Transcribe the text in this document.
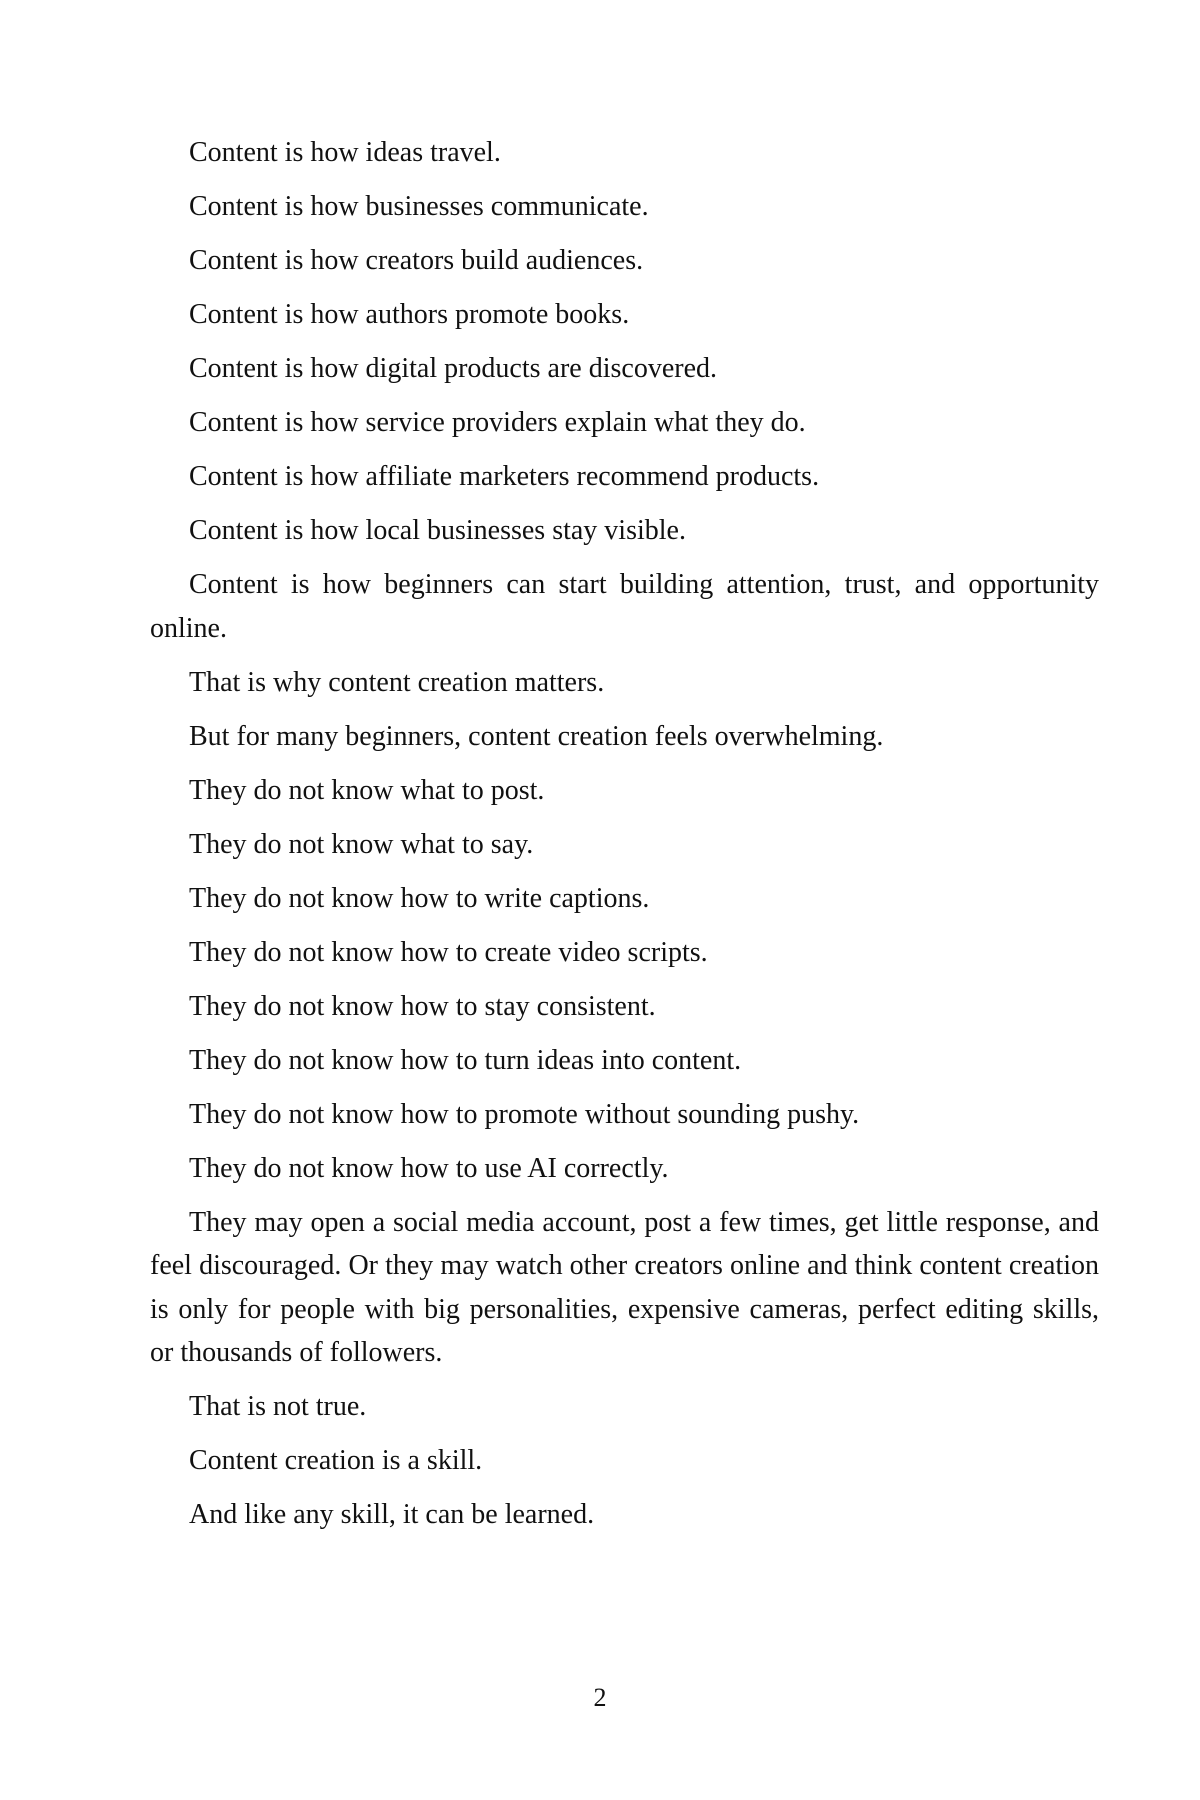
Content is how ideas travel.

Content is how businesses communicate.

Content is how creators build audiences.

Content is how authors promote books.

Content is how digital products are discovered.

Content is how service providers explain what they do.

Content is how affiliate marketers recommend products.

Content is how local businesses stay visible.

Content is how beginners can start building attention, trust, and opportunity online.

That is why content creation matters.

But for many beginners, content creation feels overwhelming.

They do not know what to post.

They do not know what to say.

They do not know how to write captions.

They do not know how to create video scripts.

They do not know how to stay consistent.

They do not know how to turn ideas into content.

They do not know how to promote without sounding pushy.

They do not know how to use AI correctly.

They may open a social media account, post a few times, get little response, and feel discouraged. Or they may watch other creators online and think content creation is only for people with big personalities, expensive cameras, perfect editing skills, or thousands of followers.

That is not true.

Content creation is a skill.

And like any skill, it can be learned.

2
